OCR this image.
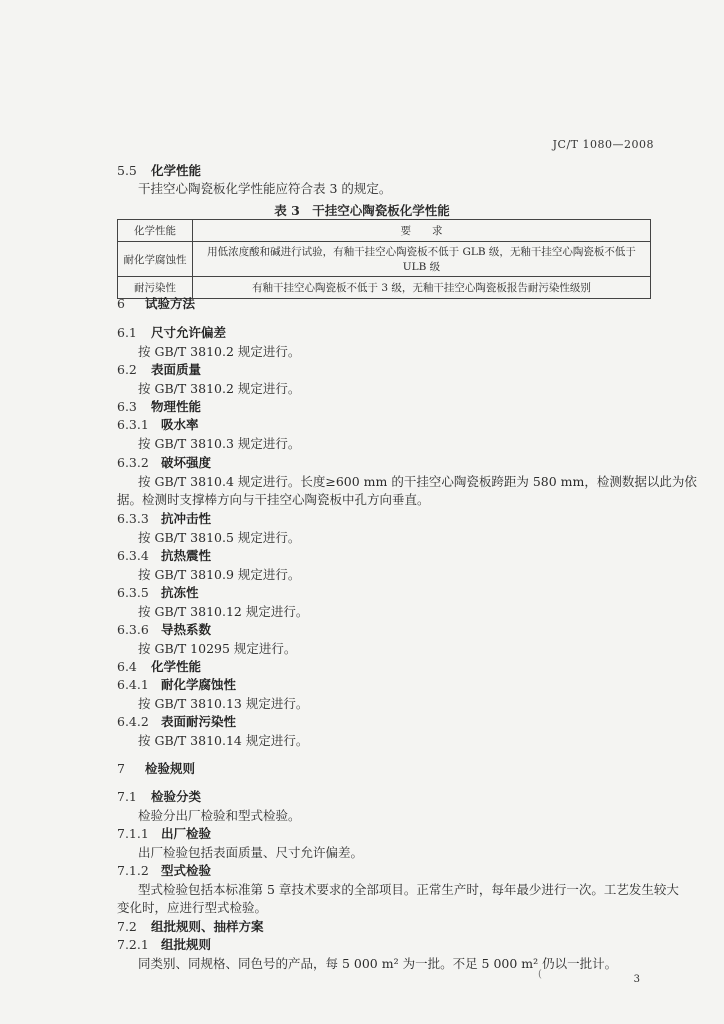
JC/T 1080—2008
5.5 化学性能
干挂空心陶瓷板化学性能应符合表 3 的规定。
表 3　干挂空心陶瓷板化学性能
化学性能	要　　求
耐化学腐蚀性	用低浓度酸和碱进行试验，有釉干挂空心陶瓷板不低于 GLB 级，无釉干挂空心陶瓷板不低于 ULB 级
耐污染性	有釉干挂空心陶瓷板不低于 3 级，无釉干挂空心陶瓷板报告耐污染性级别
6 试验方法
6.1 尺寸允许偏差
按 GB/T 3810.2 规定进行。
6.2 表面质量
按 GB/T 3810.2 规定进行。
6.3 物理性能
6.3.1 吸水率
按 GB/T 3810.3 规定进行。
6.3.2 破坏强度
按 GB/T 3810.4 规定进行。长度≥600 mm 的干挂空心陶瓷板跨距为 580 mm，检测数据以此为依
据。检测时支撑棒方向与干挂空心陶瓷板中孔方向垂直。
6.3.3 抗冲击性
按 GB/T 3810.5 规定进行。
6.3.4 抗热震性
按 GB/T 3810.9 规定进行。
6.3.5 抗冻性
按 GB/T 3810.12 规定进行。
6.3.6 导热系数
按 GB/T 10295 规定进行。
6.4 化学性能
6.4.1 耐化学腐蚀性
按 GB/T 3810.13 规定进行。
6.4.2 表面耐污染性
按 GB/T 3810.14 规定进行。
7 检验规则
7.1 检验分类
检验分出厂检验和型式检验。
7.1.1 出厂检验
出厂检验包括表面质量、尺寸允许偏差。
7.1.2 型式检验
型式检验包括本标准第 5 章技术要求的全部项目。正常生产时，每年最少进行一次。工艺发生较大
变化时，应进行型式检验。
7.2 组批规则、抽样方案
7.2.1 组批规则
同类别、同规格、同色号的产品，每 5 000 m² 为一批。不足 5 000 m² 仍以一批计。
(	3
